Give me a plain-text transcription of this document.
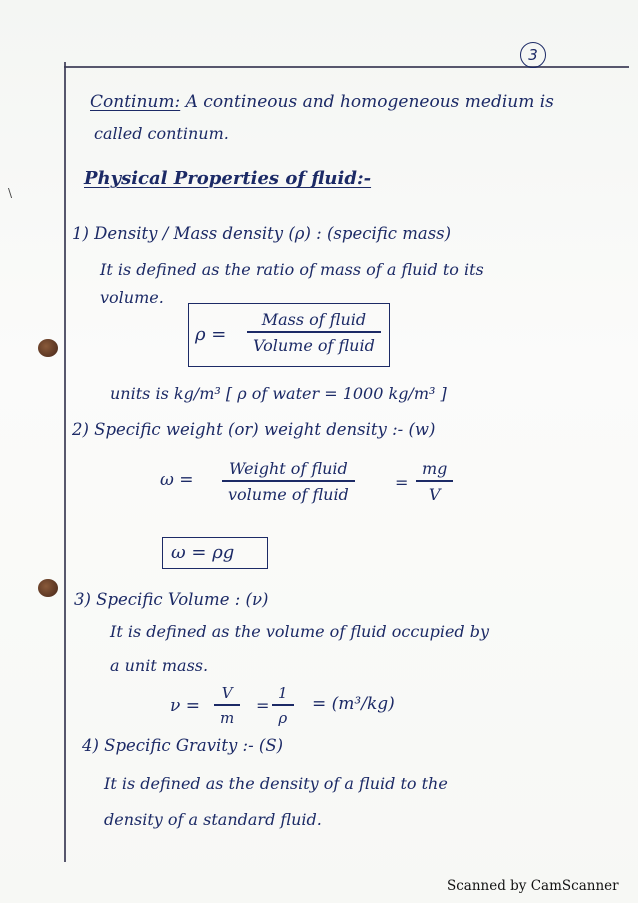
3
\
Continum: A contineous and homogeneous medium is
called continum.
Physical Properties of fluid:-
1) Density / Mass density (ρ) : (specific mass)
It is defined as the ratio of mass of a fluid to its
volume.
ρ =
Mass of fluid
Volume of fluid
units is kg/m³ [ ρ of water = 1000 kg/m³ ]
2) Specific weight (or) weight density :- (w)
ω =
Weight of fluid
volume of fluid
=
mg
V
ω = ρg
3) Specific Volume : (ν)
It is defined as the volume of fluid occupied by
a unit mass.
ν =
V
m
=
1
ρ
= (m³/kg)
4) Specific Gravity :- (S)
It is defined as the density of a fluid to the
density of a standard fluid.
Scanned by CamScanner
